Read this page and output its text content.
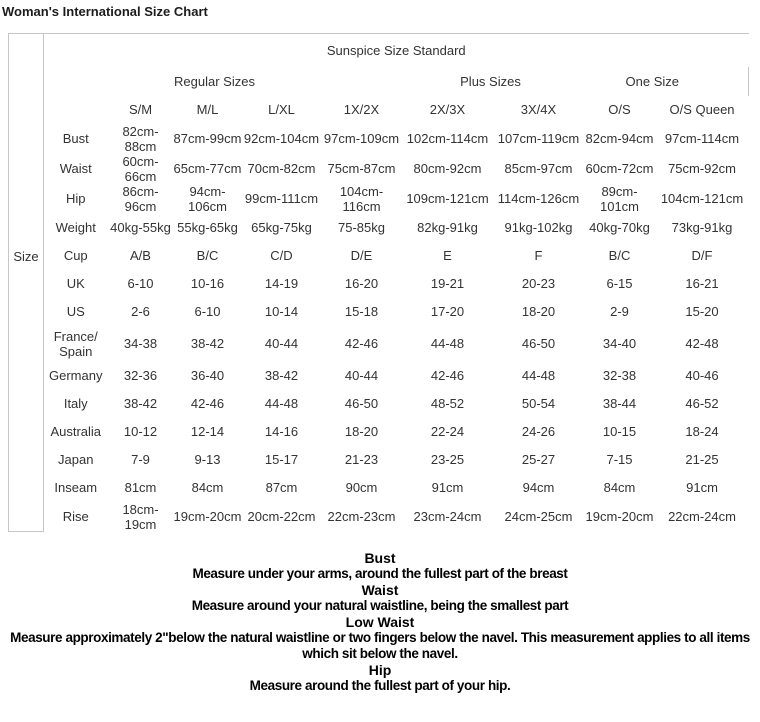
Woman's International Size Chart
Size	Sunspice Size Standard								
		Regular Sizes			Plus Sizes			One Size	
		S/M	M/L	L/XL	1X/2X	2X/3X	3X/4X	O/S	O/S Queen
	Bust	82cm-88cm	87cm-99cm	92cm-104cm	97cm-109cm	102cm-114cm	107cm-119cm	82cm-94cm	97cm-114cm
	Waist	60cm-66cm	65cm-77cm	70cm-82cm	75cm-87cm	80cm-92cm	85cm-97cm	60cm-72cm	75cm-92cm
	Hip	86cm-96cm	94cm-106cm	99cm-111cm	104cm-116cm	109cm-121cm	114cm-126cm	89cm-101cm	104cm-121cm
	Weight	40kg-55kg	55kg-65kg	65kg-75kg	75-85kg	82kg-91kg	91kg-102kg	40kg-70kg	73kg-91kg
	Cup	A/B	B/C	C/D	D/E	E	F	B/C	D/F
	UK	6-10	10-16	14-19	16-20	19-21	20-23	6-15	16-21
	US	2-6	6-10	10-14	15-18	17-20	18-20	2-9	15-20
	France/ Spain	34-38	38-42	40-44	42-46	44-48	46-50	34-40	42-48
	Germany	32-36	36-40	38-42	40-44	42-46	44-48	32-38	40-46
	Italy	38-42	42-46	44-48	46-50	48-52	50-54	38-44	46-52
	Australia	10-12	12-14	14-16	18-20	22-24	24-26	10-15	18-24
	Japan	7-9	9-13	15-17	21-23	23-25	25-27	7-15	21-25
	Inseam	81cm	84cm	87cm	90cm	91cm	94cm	84cm	91cm
	Rise	18cm-19cm	19cm-20cm	20cm-22cm	22cm-23cm	23cm-24cm	24cm-25cm	19cm-20cm	22cm-24cm
Bust
Measure under your arms, around the fullest part of the breast
Waist
Measure around your natural waistline, being the smallest part
Low Waist
Measure approximately 2"below the natural waistline or two fingers below the navel. This measurement applies to all items
which sit below the navel.
Hip
Measure around the fullest part of your hip.
